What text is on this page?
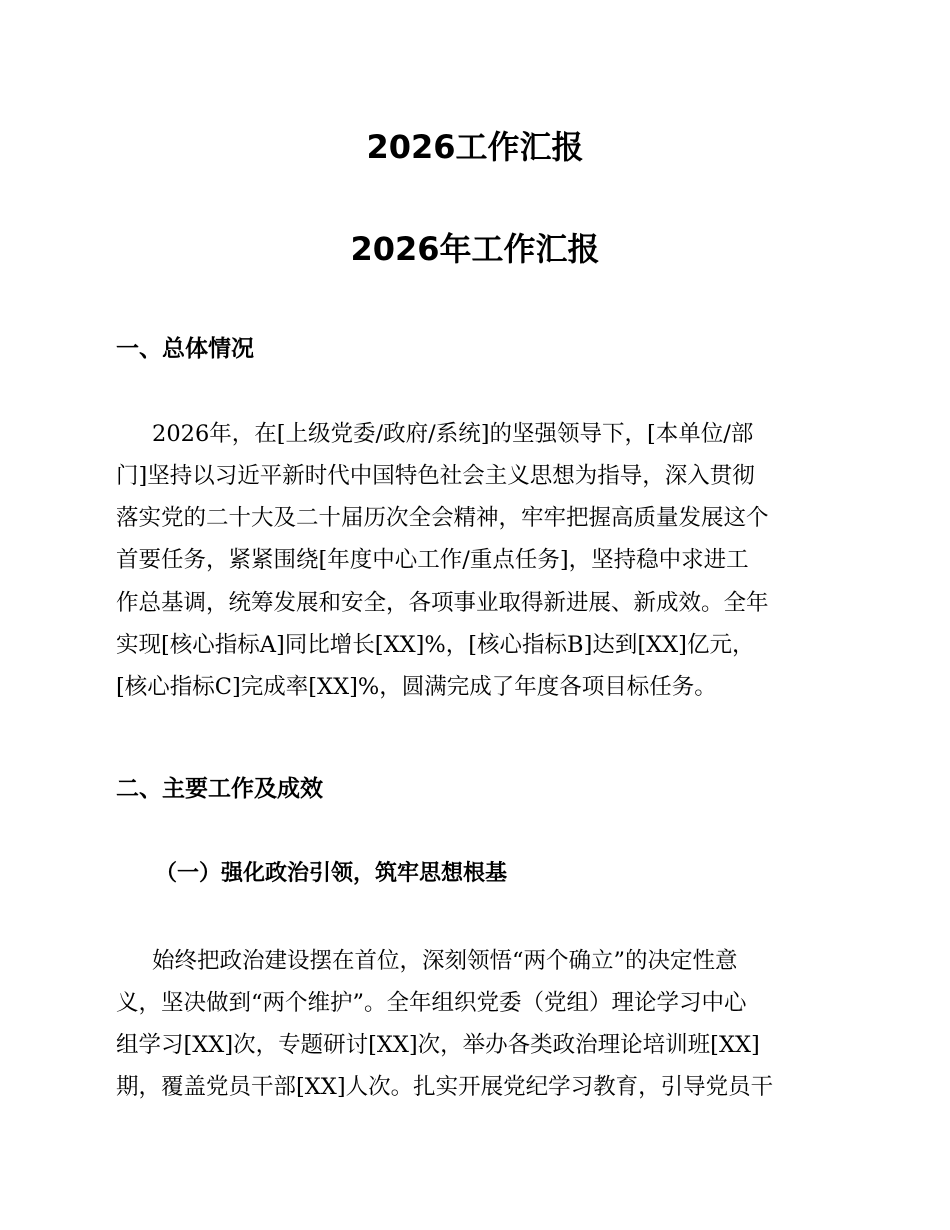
2026工作汇报
2026年工作汇报
一、总体情况

2026年，在[上级党委/政府/系统]的坚强领导下，[本单位/部

门]坚持以习近平新时代中国特色社会主义思想为指导，深入贯彻

落实党的二十大及二十届历次全会精神，牢牢把握高质量发展这个

首要任务，紧紧围绕[年度中心工作/重点任务]，坚持稳中求进工

作总基调，统筹发展和安全，各项事业取得新进展、新成效。全年

实现[核心指标A]同比增长[XX]%，[核心指标B]达到[XX]亿元，

[核心指标C]完成率[XX]%，圆满完成了年度各项目标任务。

二、主要工作及成效
（一）强化政治引领，筑牢思想根基

始终把政治建设摆在首位，深刻领悟“两个确立”的决定性意

义，坚决做到“两个维护”。全年组织党委（党组）理论学习中心

组学习[XX]次，专题研讨[XX]次，举办各类政治理论培训班[XX]

期，覆盖党员干部[XX]人次。扎实开展党纪学习教育，引导党员干
